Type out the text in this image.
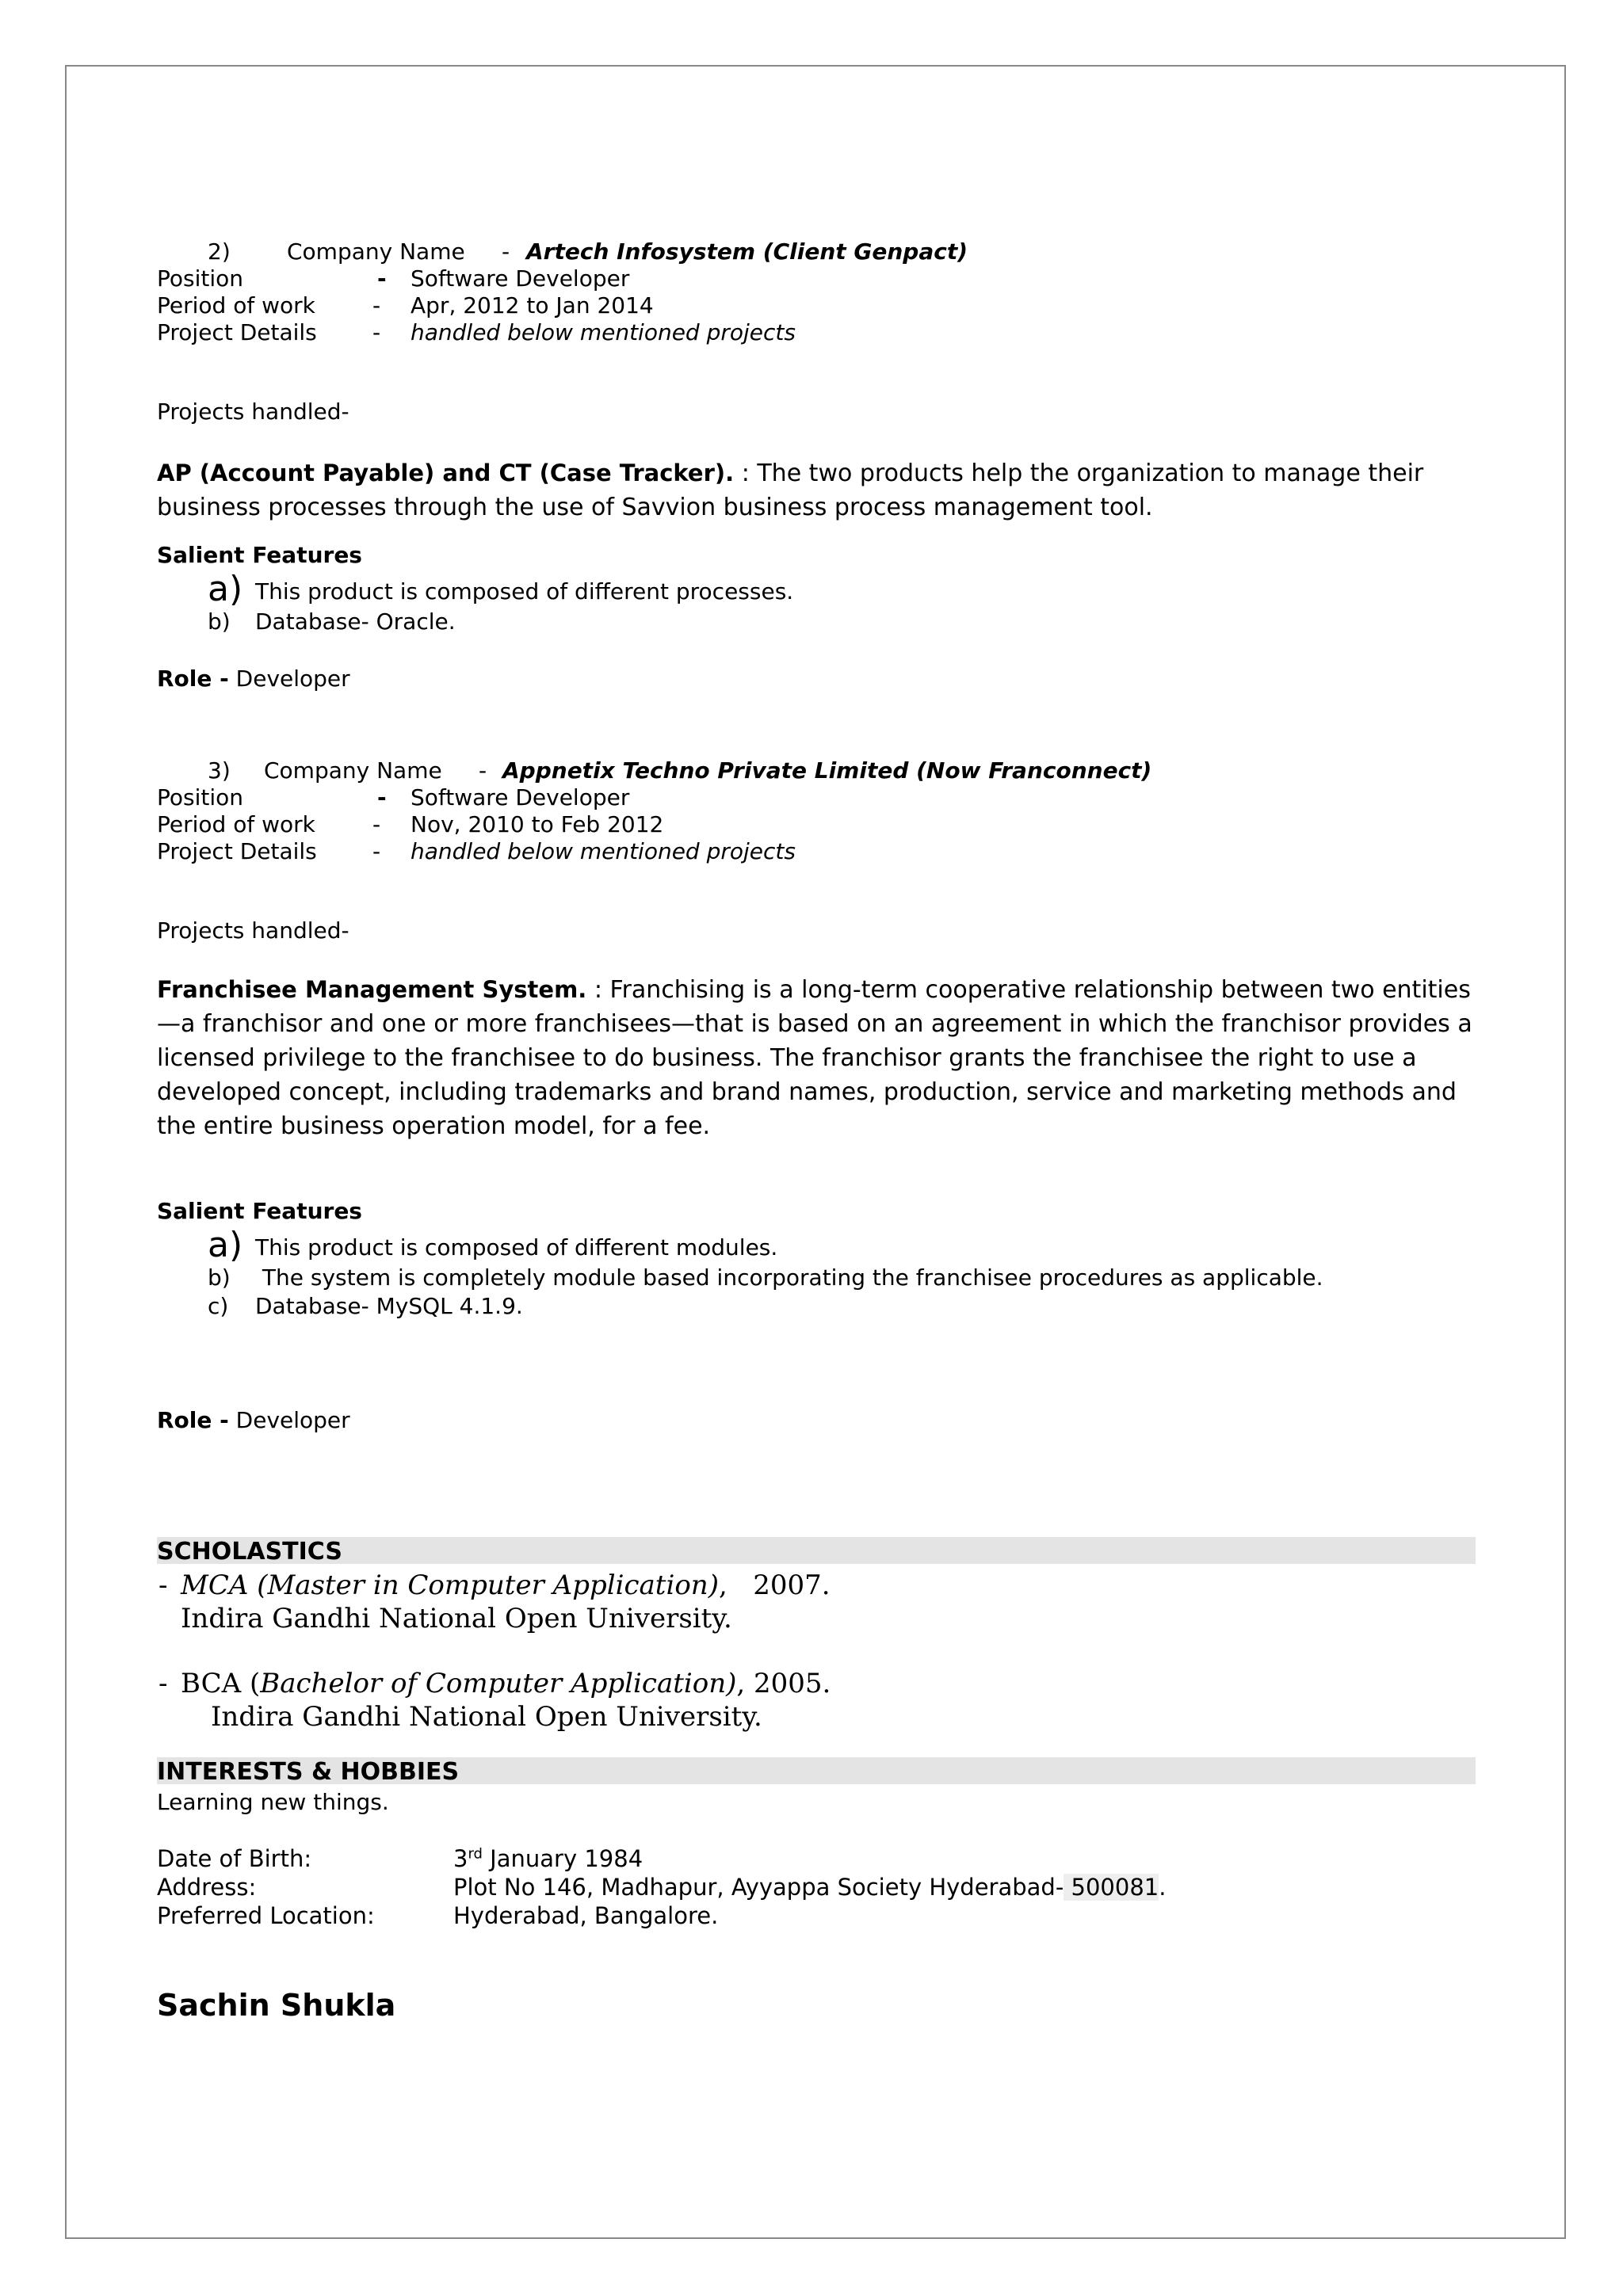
2)	Company Name - Artech Infosystem (Client Genpact)
Position	- Software Developer
Period of work	- Apr, 2012 to Jan 2014
Project Details	- handled below mentioned projects
Projects handled-
AP (Account Payable) and CT (Case Tracker). : The two products help the organization to manage their business processes through the use of Savvion business process management tool.
Salient Features
a) This product is composed of different processes.
b) Database- Oracle.
Role - Developer
3) Company Name - Appnetix Techno Private Limited (Now Franconnect)
Position	- Software Developer
Period of work	- Nov, 2010 to Feb 2012
Project Details	- handled below mentioned projects
Projects handled-
Franchisee Management System. : Franchising is a long-term cooperative relationship between two entities —a franchisor and one or more franchisees—that is based on an agreement in which the franchisor provides a licensed privilege to the franchisee to do business. The franchisor grants the franchisee the right to use a developed concept, including trademarks and brand names, production, service and marketing methods and the entire business operation model, for a fee.
Salient Features
a) This product is composed of different modules.
b) The system is completely module based incorporating the franchisee procedures as applicable.
c) Database- MySQL 4.1.9.
Role - Developer
SCHOLASTICS
- MCA (Master in Computer Application),   2007.
Indira Gandhi National Open University.
- BCA (Bachelor of Computer Application), 2005.
Indira Gandhi National Open University.
INTERESTS & HOBBIES
Learning new things.
Date of Birth:	3rd January 1984
Address:	Plot No 146, Madhapur, Ayyappa Society Hyderabad- 500081.
Preferred Location:	Hyderabad, Bangalore.
Sachin Shukla
